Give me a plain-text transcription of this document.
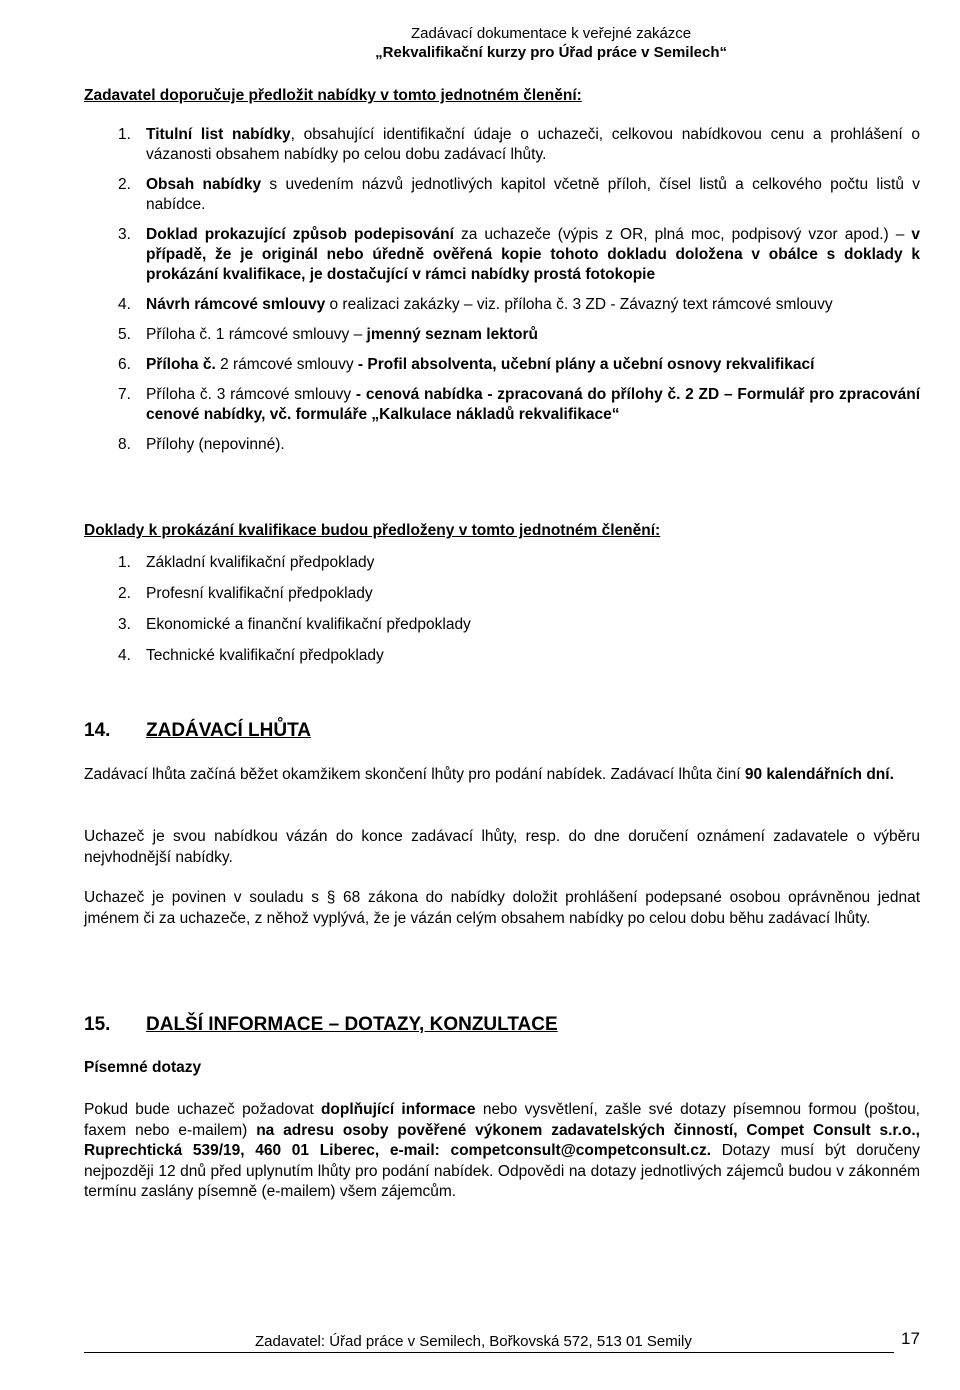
Zadávací dokumentace k veřejné zakázce
„Rekvalifikační kurzy pro Úřad práce v Semilech“
Zadavatel doporučuje předložit nabídky v tomto jednotném členění:
1. Titulní list nabídky, obsahující identifikační údaje o uchazeči, celkovou nabídkovou cenu a prohlášení o vázanosti obsahem nabídky po celou dobu zadávací lhůty.
2. Obsah nabídky s uvedením názvů jednotlivých kapitol včetně příloh, čísel listů a celkového počtu listů v nabídce.
3. Doklad prokazující způsob podepisování za uchazeče (výpis z OR, plná moc, podpisový vzor apod.) – v případě, že je originál nebo úředně ověřená kopie tohoto dokladu doložena v obálce s doklady k prokázání kvalifikace, je dostačující v rámci nabídky prostá fotokopie
4. Návrh rámcové smlouvy o realizaci zakázky – viz. příloha č. 3 ZD - Závazný text rámcové smlouvy
5. Příloha č. 1 rámcové smlouvy – jmenný seznam lektorů
6. Příloha č. 2 rámcové smlouvy - Profil absolventa, učební plány a učební osnovy rekvalifikací
7. Příloha č. 3 rámcové smlouvy - cenová nabídka - zpracovaná do přílohy č. 2 ZD – Formulář pro zpracování cenové nabídky, vč. formuláře „Kalkulace nákladů rekvalifikace“
8. Přílohy (nepovinné).
Doklady k prokázání kvalifikace budou předloženy v tomto jednotném členění:
1. Základní kvalifikační předpoklady
2. Profesní kvalifikační předpoklady
3. Ekonomické a finanční kvalifikační předpoklady
4. Technické kvalifikační předpoklady
14. ZADÁVACÍ LHŮTA
Zadávací lhůta začíná běžet okamžikem skončení lhůty pro podání nabídek. Zadávací lhůta činí 90 kalendářních dní.
Uchazeč je svou nabídkou vázán do konce zadávací lhůty, resp. do dne doručení oznámení zadavatele o výběru nejvhodnější nabídky.
Uchazeč je povinen v souladu s § 68 zákona do nabídky doložit prohlášení podepsané osobou oprávněnou jednat jménem či za uchazeče, z něhož vyplývá, že je vázán celým obsahem nabídky po celou dobu běhu zadávací lhůty.
15. DALŠÍ INFORMACE – DOTAZY, KONZULTACE
Písemné dotazy
Pokud bude uchazeč požadovat doplňující informace nebo vysvětlení, zašle své dotazy písemnou formou (poštou, faxem nebo e-mailem) na adresu osoby pověřené výkonem zadavatelských činností, Compet Consult s.r.o., Ruprechtická 539/19, 460 01 Liberec, e-mail: competconsult@competconsult.cz. Dotazy musí být doručeny nejpozději 12 dnů před uplynutím lhůty pro podání nabídek. Odpovědi na dotazy jednotlivých zájemců budou v zákonném termínu zaslány písemně (e-mailem) všem zájemcům.
Zadavatel: Úřad práce v Semilech, Bořkovská 572, 513 01 Semily	17
